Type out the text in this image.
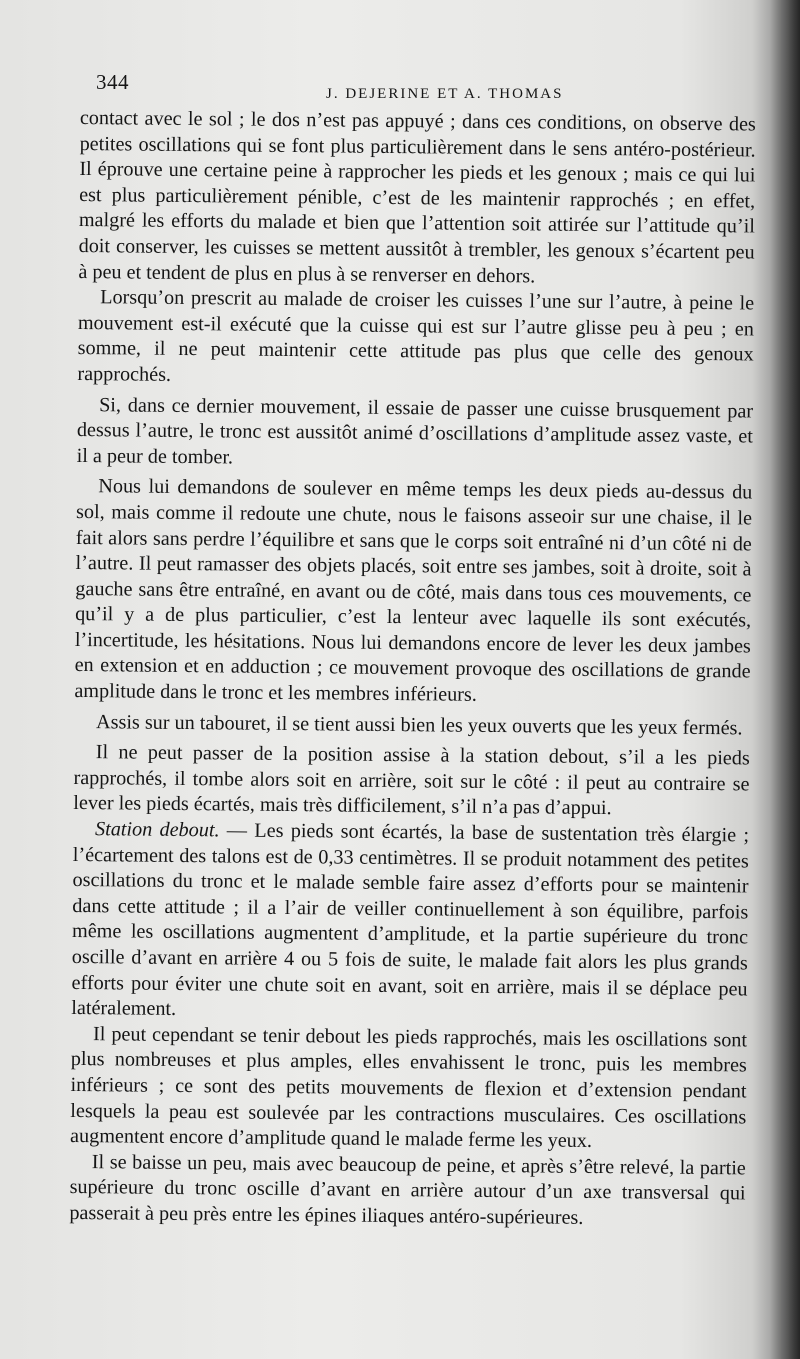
344	J. DEJERINE ET A. THOMAS

contact avec le sol ; le dos n’est pas appuyé ; dans ces conditions, on observe des petites oscillations qui se font plus particulièrement dans le sens antéro-postérieur. Il éprouve une certaine peine à rapprocher les pieds et les genoux ; mais ce qui lui est plus particulièrement pénible, c’est de les maintenir rapprochés ; en effet, malgré les efforts du malade et bien que l’attention soit attirée sur l’attitude qu’il doit conserver, les cuisses se mettent aussitôt à trembler, les genoux s’écartent peu à peu et tendent de plus en plus à se renverser en dehors.

Lorsqu’on prescrit au malade de croiser les cuisses l’une sur l’autre, à peine le mouvement est-il exécuté que la cuisse qui est sur l’autre glisse peu à peu ; en somme, il ne peut maintenir cette attitude pas plus que celle des genoux rapprochés.

Si, dans ce dernier mouvement, il essaie de passer une cuisse brusquement par dessus l’autre, le tronc est aussitôt animé d’oscillations d’amplitude assez vaste, et il a peur de tomber.

Nous lui demandons de soulever en même temps les deux pieds au-dessus du sol, mais comme il redoute une chute, nous le faisons asseoir sur une chaise, il le fait alors sans perdre l’équilibre et sans que le corps soit entraîné ni d’un côté ni de l’autre. Il peut ramasser des objets placés, soit entre ses jambes, soit à droite, soit à gauche sans être entraîné, en avant ou de côté, mais dans tous ces mouvements, ce qu’il y a de plus particulier, c’est la lenteur avec laquelle ils sont exécutés, l’incertitude, les hésitations. Nous lui demandons encore de lever les deux jambes en extension et en adduction ; ce mouvement provoque des oscillations de grande amplitude dans le tronc et les membres inférieurs.

Assis sur un tabouret, il se tient aussi bien les yeux ouverts que les yeux fermés.

Il ne peut passer de la position assise à la station debout, s’il a les pieds rapprochés, il tombe alors soit en arrière, soit sur le côté : il peut au contraire se lever les pieds écartés, mais très difficilement, s’il n’a pas d’appui.

Station debout. — Les pieds sont écartés, la base de sustentation très élargie ; l’écartement des talons est de 0,33 centimètres. Il se produit notamment des petites oscillations du tronc et le malade semble faire assez d’efforts pour se maintenir dans cette attitude ; il a l’air de veiller continuellement à son équilibre, parfois même les oscillations augmentent d’amplitude, et la partie supérieure du tronc oscille d’avant en arrière 4 ou 5 fois de suite, le malade fait alors les plus grands efforts pour éviter une chute soit en avant, soit en arrière, mais il se déplace peu latéralement.

Il peut cependant se tenir debout les pieds rapprochés, mais les oscillations sont plus nombreuses et plus amples, elles envahissent le tronc, puis les membres inférieurs ; ce sont des petits mouvements de flexion et d’extension pendant lesquels la peau est soulevée par les contractions musculaires. Ces oscillations augmentent encore d’amplitude quand le malade ferme les yeux.

Il se baisse un peu, mais avec beaucoup de peine, et après s’être relevé, la partie supérieure du tronc oscille d’avant en arrière autour d’un axe transversal qui passerait à peu près entre les épines iliaques antéro-supérieures.
